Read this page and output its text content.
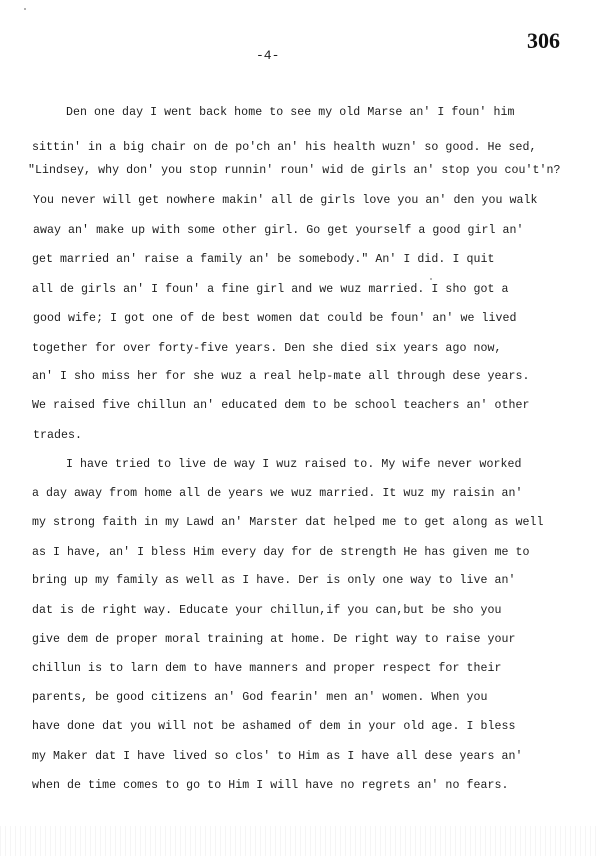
306
-4-
Den one day I went back home to see my old Marse an' I foun' him
sittin' in a big chair on de po'ch an' his health wuzn' so good. He sed,
"Lindsey, why don' you stop runnin' roun' wid de girls an' stop you cou't'n?
You never will get nowhere makin' all de girls love you an' den you walk
away an' make up with some other girl. Go get yourself a good girl an'
get married an' raise a family an' be somebody." An' I did. I quit
all de girls an' I foun' a fine girl and we wuz married. I sho got a
good wife; I got one of de best women dat could be foun' an' we lived
together for over forty-five years. Den she died six years ago now,
an' I sho miss her for she wuz a real help-mate all through dese years.
We raised five chillun an' educated dem to be school teachers an' other
trades.
I have tried to live de way I wuz raised to. My wife never worked
a day away from home all de years we wuz married. It wuz my raisin an'
my strong faith in my Lawd an' Marster dat helped me to get along as well
as I have, an' I bless Him every day for de strength He has given me to
bring up my family as well as I have. Der is only one way to live an'
dat is de right way. Educate your chillun,if you can,but be sho you
give dem de proper moral training at home. De right way to raise your
chillun is to larn dem to have manners and proper respect for their
parents, be good citizens an' God fearin' men an' women. When you
have done dat you will not be ashamed of dem in your old age. I bless
my Maker dat I have lived so clos' to Him as I have all dese years an'
when de time comes to go to Him I will have no regrets an' no fears.
